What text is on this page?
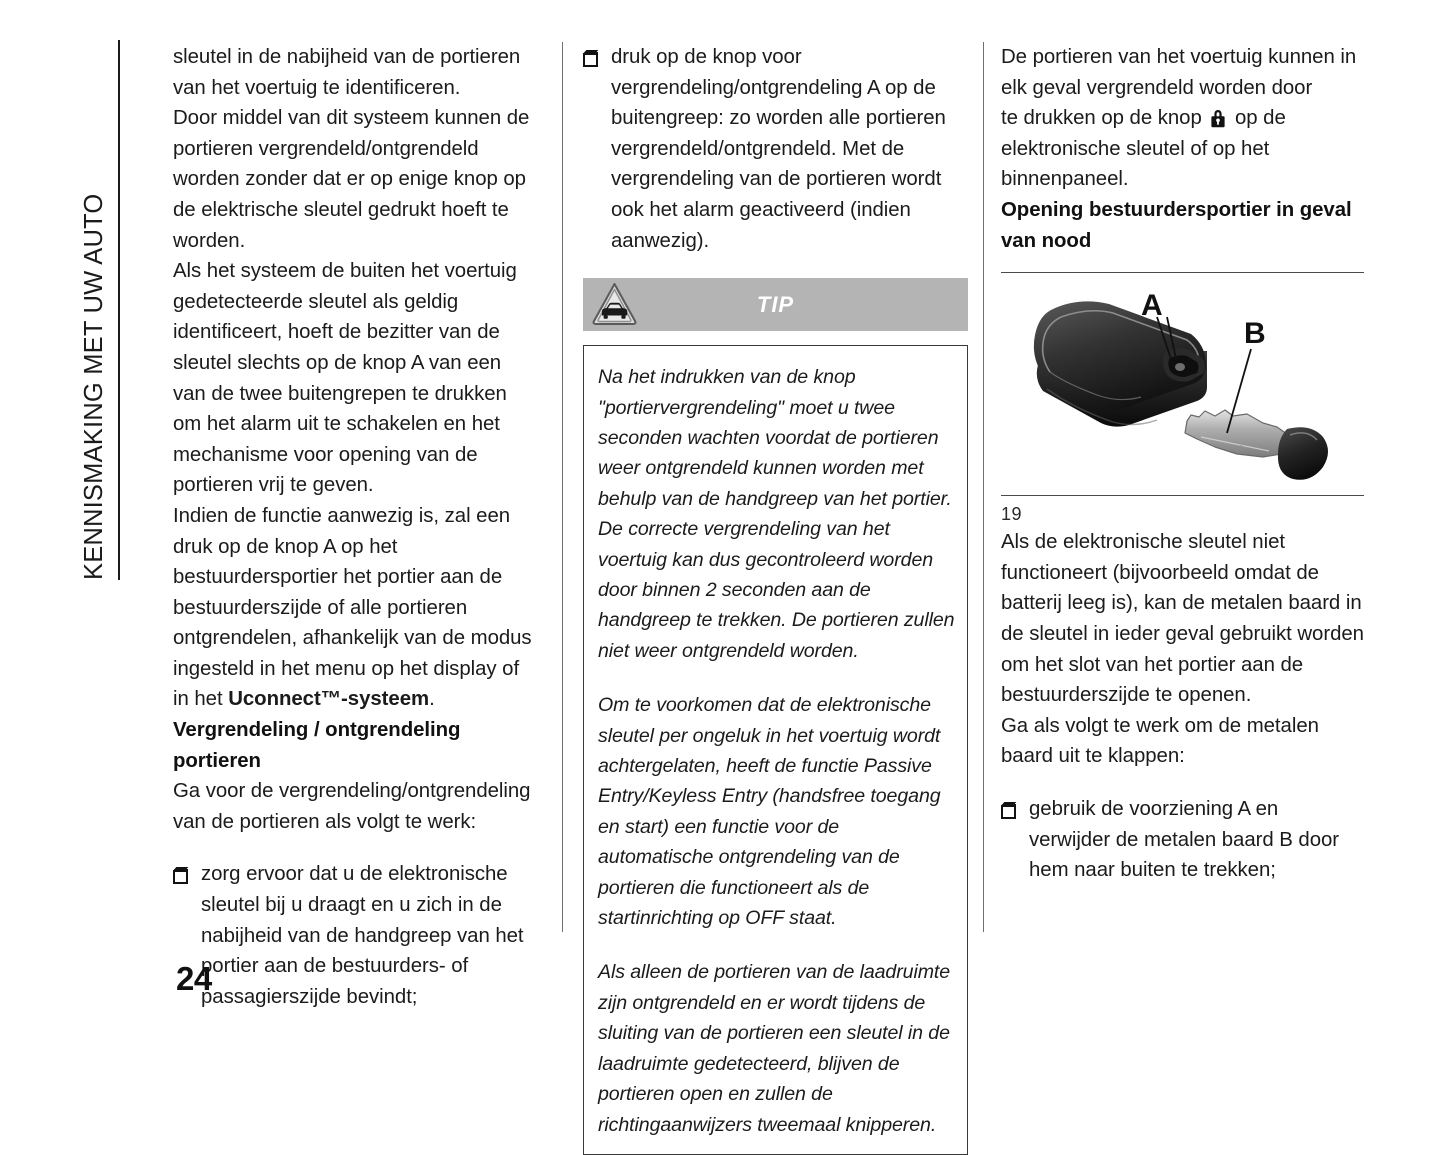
KENNISMAKING MET UW AUTO

sleutel in de nabijheid van de portieren van het voertuig te identificeren.

Door middel van dit systeem kunnen de portieren vergrendeld/ontgrendeld worden zonder dat er op enige knop op de elektrische sleutel gedrukt hoeft te worden.

Als het systeem de buiten het voertuig gedetecteerde sleutel als geldig identificeert, hoeft de bezitter van de sleutel slechts op de knop A van een van de twee buitengrepen te drukken om het alarm uit te schakelen en het mechanisme voor opening van de portieren vrij te geven.

Indien de functie aanwezig is, zal een druk op de knop A op het bestuurdersportier het portier aan de bestuurderszijde of alle portieren ontgrendelen, afhankelijk van de modus ingesteld in het menu op het display of in het Uconnect™-systeem.

Vergrendeling / ontgrendeling portieren

Ga voor de vergrendeling/ontgrendeling van de portieren als volgt te werk:

zorg ervoor dat u de elektronische sleutel bij u draagt en u zich in de nabijheid van de handgreep van het portier aan de bestuurders- of passagierszijde bevindt;
druk op de knop voor vergrendeling/ontgrendeling A op de buitengreep: zo worden alle portieren vergrendeld/ontgrendeld. Met de vergrendeling van de portieren wordt ook het alarm geactiveerd (indien aanwezig).
TIP

Na het indrukken van de knop "portiervergrendeling" moet u twee seconden wachten voordat de portieren weer ontgrendeld kunnen worden met behulp van de handgreep van het portier. De correcte vergrendeling van het voertuig kan dus gecontroleerd worden door binnen 2 seconden aan de handgreep te trekken. De portieren zullen niet weer ontgrendeld worden.

Om te voorkomen dat de elektronische sleutel per ongeluk in het voertuig wordt achtergelaten, heeft de functie Passive Entry/Keyless Entry (handsfree toegang en start) een functie voor de automatische ontgrendeling van de portieren die functioneert als de startinrichting op OFF staat.

Als alleen de portieren van de laadruimte zijn ontgrendeld en er wordt tijdens de sluiting van de portieren een sleutel in de laadruimte gedetecteerd, blijven de portieren open en zullen de richtingaanwijzers tweemaal knipperen.

De portieren van het voertuig kunnen in elk geval vergrendeld worden door

te drukken op de knop  op de elektronische sleutel of op het binnenpaneel.

Opening bestuurdersportier in geval van nood
A
B
19

Als de elektronische sleutel niet functioneert (bijvoorbeeld omdat de batterij leeg is), kan de metalen baard in de sleutel in ieder geval gebruikt worden om het slot van het portier aan de bestuurderszijde te openen.

Ga als volgt te werk om de metalen baard uit te klappen:

gebruik de voorziening A en verwijder de metalen baard B door hem naar buiten te trekken;
24
